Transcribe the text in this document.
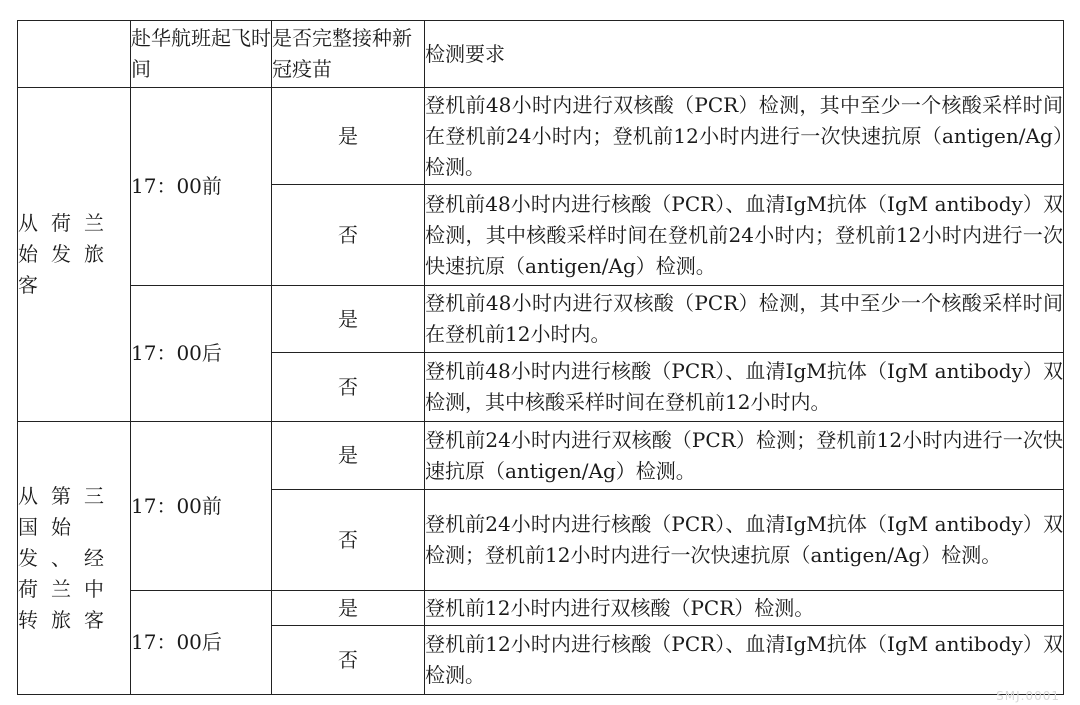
	赴华航班起飞时间	是否完整接种新冠疫苗	检测要求
从荷兰始发旅客	17：00前	是	登机前48小时内进行双核酸（PCR）检测，其中至少一个核酸采样时间在登机前24小时内；登机前12小时内进行一次快速抗原（antigen/Ag）检测。
		否	登机前48小时内进行核酸（PCR）、血清IgM抗体（IgM antibody）双检测，其中核酸采样时间在登机前24小时内；登机前12小时内进行一次快速抗原（antigen/Ag）检测。
	17：00后	是	登机前48小时内进行双核酸（PCR）检测，其中至少一个核酸采样时间在登机前12小时内。
		否	登机前48小时内进行核酸（PCR）、血清IgM抗体（IgM antibody）双检测，其中核酸采样时间在登机前12小时内。
从第三国始发、经荷兰中转旅客	17：00前	是	登机前24小时内进行双核酸（PCR）检测；登机前12小时内进行一次快速抗原（antigen/Ag）检测。
		否	登机前24小时内进行核酸（PCR）、血清IgM抗体（IgM antibody）双检测；登机前12小时内进行一次快速抗原（antigen/Ag）检测。
	17：00后	是	登机前12小时内进行双核酸（PCR）检测。
		否	登机前12小时内进行核酸（PCR）、血清IgM抗体（IgM antibody）双检测。
SMJ.0001
